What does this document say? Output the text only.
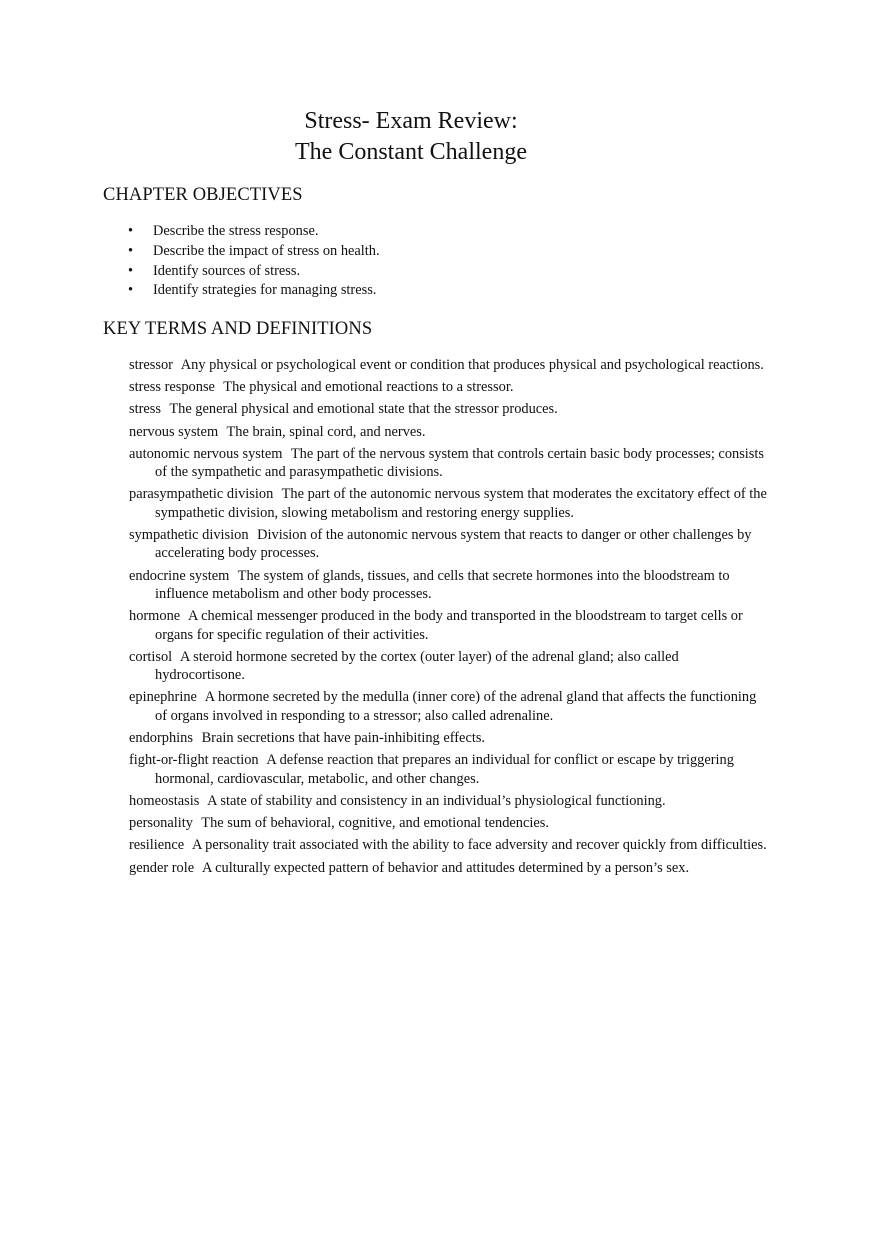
Stress- Exam Review:
The Constant Challenge
CHAPTER OBJECTIVES
• Describe the stress response.
• Describe the impact of stress on health.
• Identify sources of stress.
• Identify strategies for managing stress.
KEY TERMS AND DEFINITIONS

stressor Any physical or psychological event or condition that produces physical and psychological reactions.

stress response The physical and emotional reactions to a stressor.

stress The general physical and emotional state that the stressor produces.

nervous system The brain, spinal cord, and nerves.

autonomic nervous system The part of the nervous system that controls certain basic body processes; consists of the sympathetic and parasympathetic divisions.

parasympathetic division The part of the autonomic nervous system that moderates the excitatory effect of the sympathetic division, slowing metabolism and restoring energy supplies.

sympathetic division Division of the autonomic nervous system that reacts to danger or other challenges by accelerating body processes.

endocrine system The system of glands, tissues, and cells that secrete hormones into the bloodstream to influence metabolism and other body processes.

hormone A chemical messenger produced in the body and transported in the bloodstream to target cells or organs for specific regulation of their activities.

cortisol A steroid hormone secreted by the cortex (outer layer) of the adrenal gland; also called hydrocortisone.

epinephrine A hormone secreted by the medulla (inner core) of the adrenal gland that affects the functioning of organs involved in responding to a stressor; also called adrenaline.

endorphins Brain secretions that have pain-inhibiting effects.

fight-or-flight reaction A defense reaction that prepares an individual for conflict or escape by triggering hormonal, cardiovascular, metabolic, and other changes.

homeostasis A state of stability and consistency in an individual’s physiological functioning.

personality The sum of behavioral, cognitive, and emotional tendencies.

resilience A personality trait associated with the ability to face adversity and recover quickly from difficulties.

gender role A culturally expected pattern of behavior and attitudes determined by a person’s sex.
